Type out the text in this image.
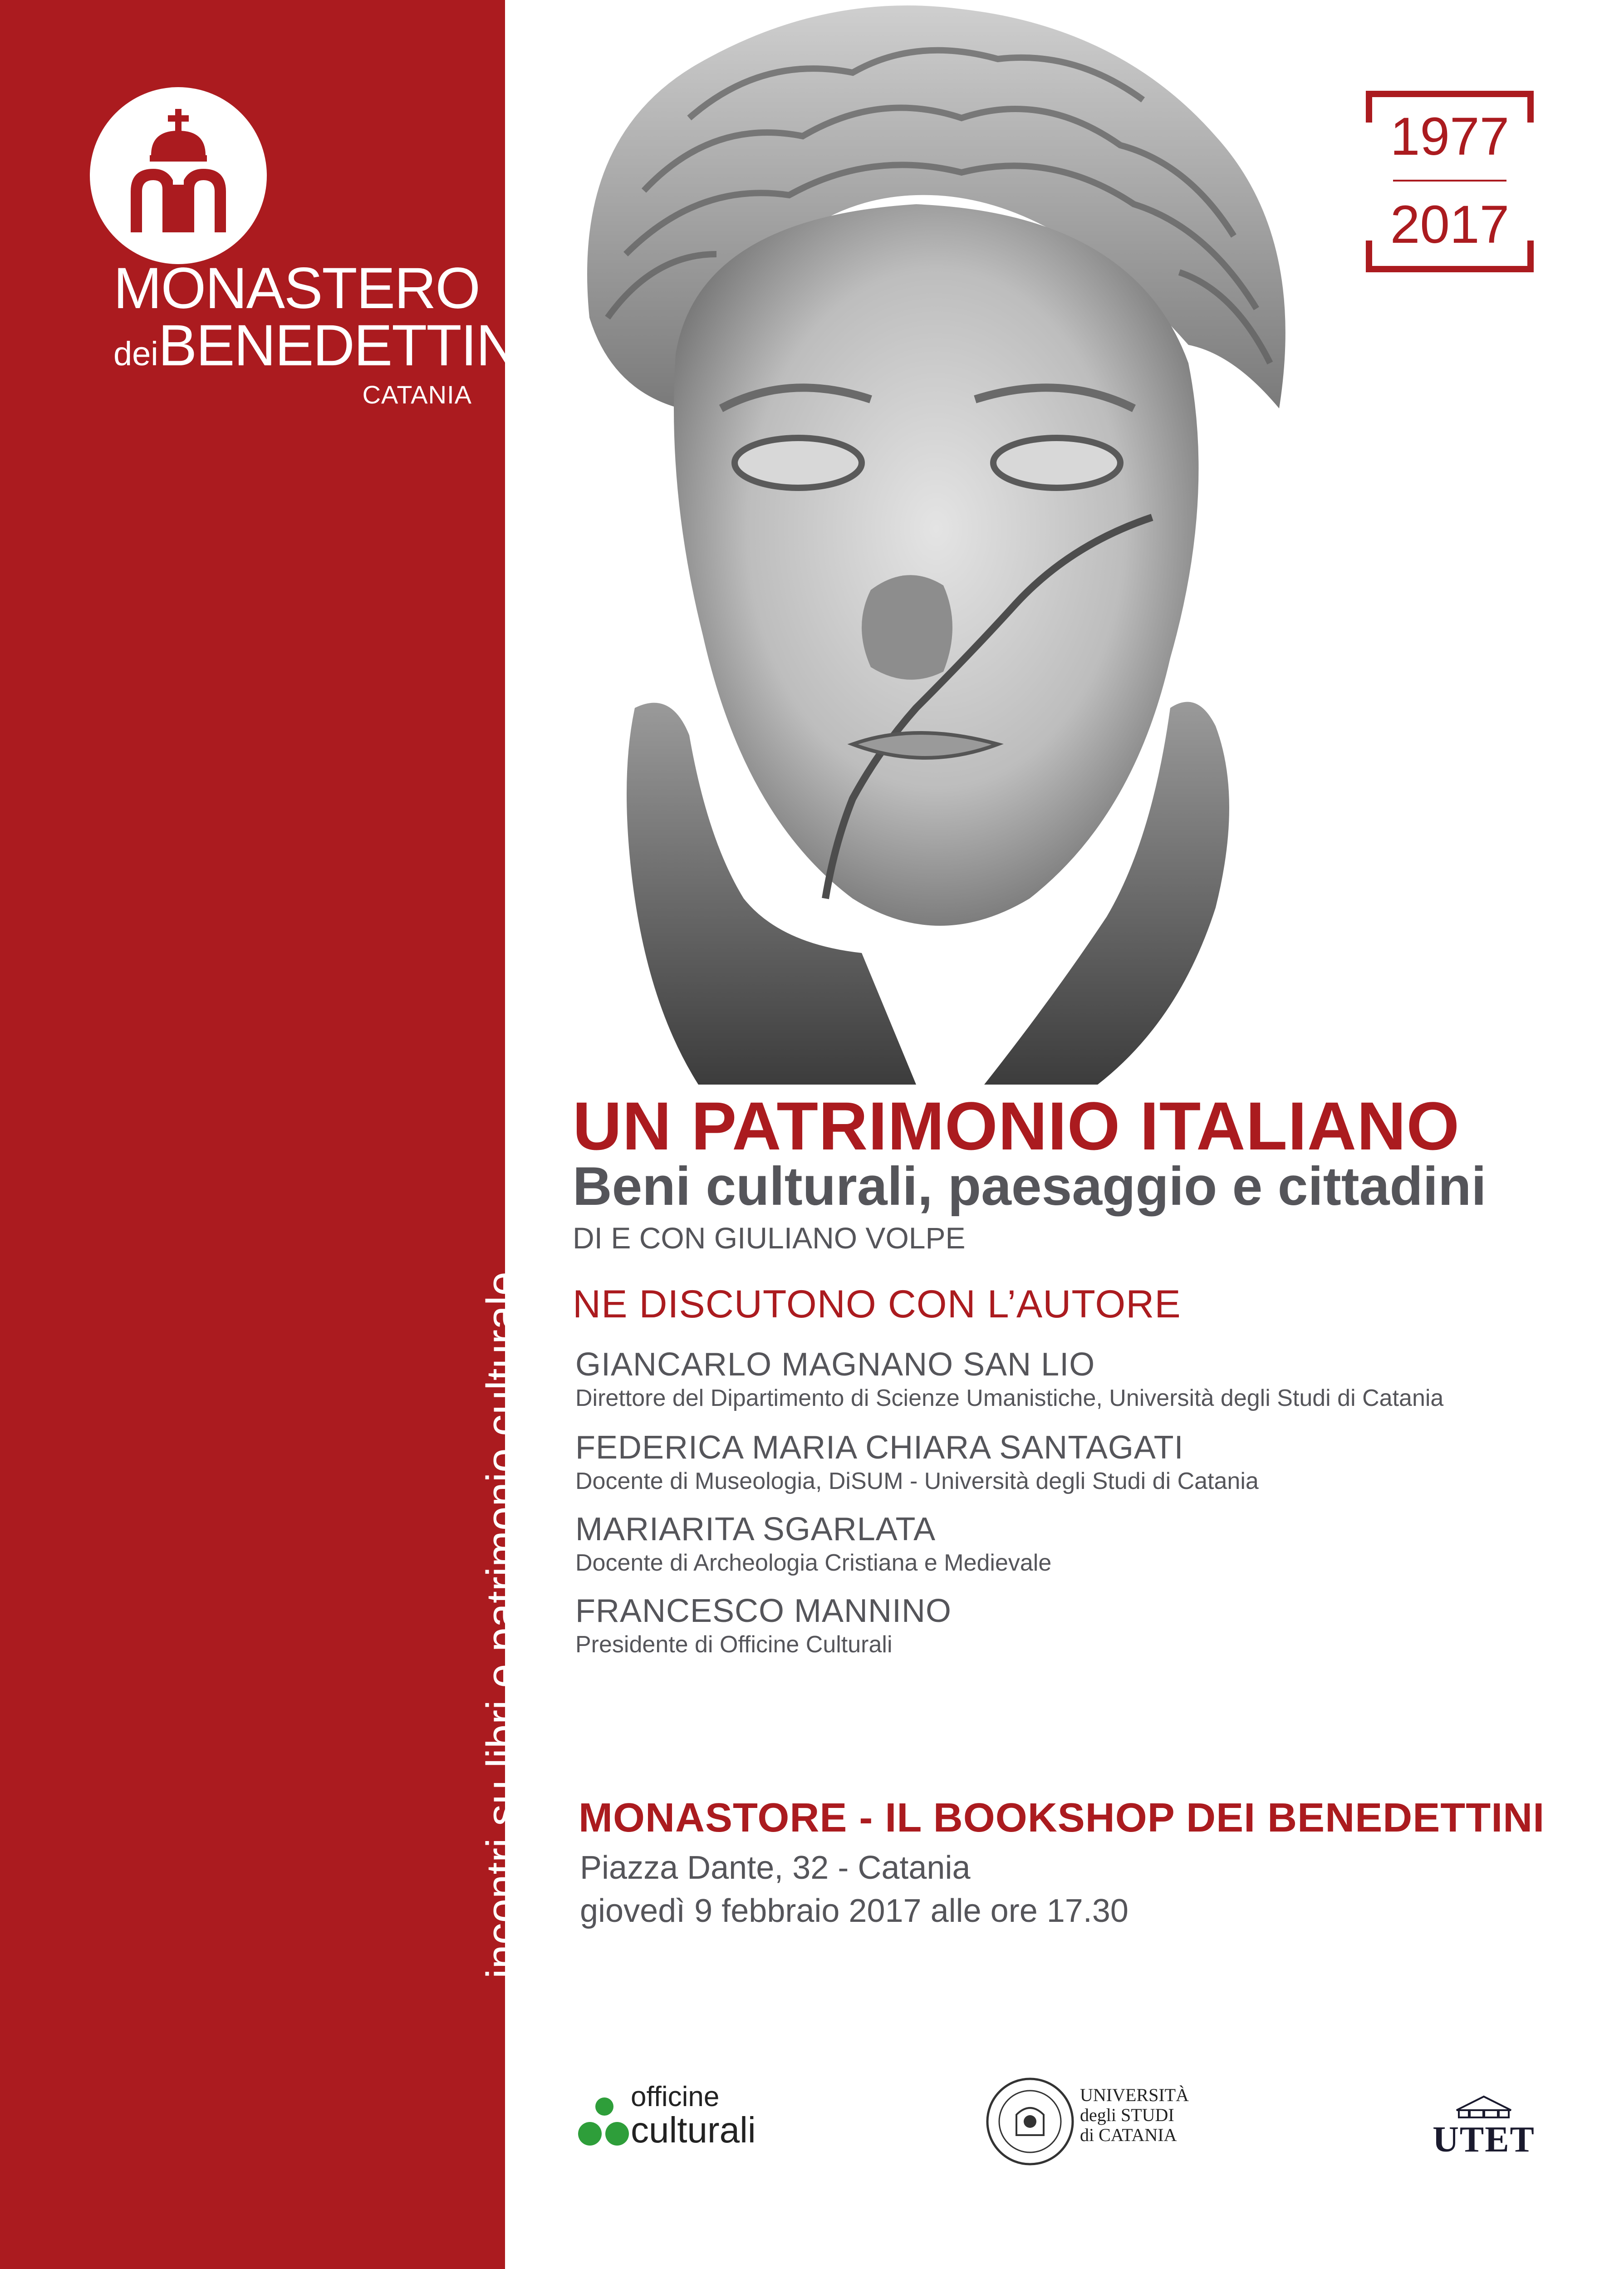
MONASTERO
deiBENEDETTINI
CATANIA
incontri su libri e patrimonio culturale
LE PAGINE E LA FABBRICA
1977
2017
UN PATRIMONIO ITALIANO
Beni culturali, paesaggio e cittadini
DI E CON GIULIANO VOLPE
NE DISCUTONO CON L’AUTORE
GIANCARLO MAGNANO SAN LIO
Direttore del Dipartimento di Scienze Umanistiche, Università degli Studi di Catania
FEDERICA MARIA CHIARA SANTAGATI
Docente di Museologia, DiSUM - Università degli Studi di Catania
MARIARITA SGARLATA
Docente di Archeologia Cristiana e Medievale
FRANCESCO MANNINO
Presidente di Officine Culturali
MONASTORE - IL BOOKSHOP DEI BENEDETTINI
Piazza Dante, 32 - Catania
giovedì 9 febbraio 2017 alle ore 17.30
officine
culturali
UNIVERSITÀ
degli STUDI
di CATANIA	UTET
